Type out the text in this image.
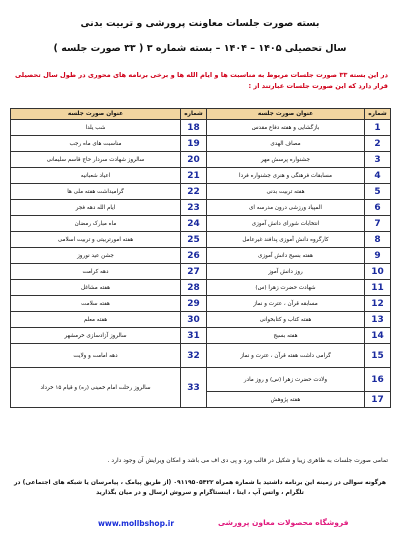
بسته صورت جلسات معاونت پرورشی و تربیت بدنی
سال تحصیلی ۱۴۰۵ – ۱۴۰۴ – بسته شماره ۳ ( ۳۳ صورت جلسه )
در این بسته ۳۳ صورت جلسات مربوط به مناسبت ها و ایام الله ها و برخی برنامه های محوری در طول سال تحصیلی قرار دارد که این صورت جلسات عبارتند از :
شماره	عنوان صورت جلسه	شماره	عنوان صورت جلسه
1	بازگشایی و هفته دفاع مقدس	18	شب یلدا
2	مصاف الهدی	19	مناسبت های ماه رجب
3	جشنواره پرسش مهر	20	سالروز شهادت سردار حاج قاسم سلیمانی
4	مسابقات فرهنگی و هنری جشنواره فردا	21	اعیاد شعبانیه
5	هفته تربیت بدنی	22	گرامیداشت هفته ملی ها
6	المپیاد ورزشی درون مدرسه ای	23	ایام الله دهه فجر
7	انتخابات شورای دانش آموزی	24	ماه مبارک رمضان
8	کارگروه دانش آموزی پدافند غیرعامل	25	هفته امورتربیتی و تربیت اسلامی
9	هفته بسیج دانش آموزی	26	جشن عید نوروز
10	روز دانش آموز	27	دهه کرامت
11	شهادت حضرت زهرا (س)	28	هفته مشاغل
12	مسابقه قرآن ، عترت و نماز	29	هفته سلامت
13	هفته کتاب و کتابخوانی	30	هفته معلم
14	هفته بسیج	31	سالروز آزادسازی خرمشهر
15	گرامی داشت هفته قرآن ، عترت و نماز	32	دهه امامت و ولایت
16	ولادت حضرت زهرا (س) و روز مادر	33	سالروز رحلت امام خمینی (ره) و قیام ۱۵ خرداد
17	هفته پژوهش		
تمامی صورت جلسات به ظاهری زیبا و شکیل در قالب ورد و پی دی اف می باشد و امکان ویرایش آن وجود دارد .
هرگونه سوالی در زمینه این برنامه داشتید با شماره همراه ۰۹۱۱۹۵۰۵۴۲۲ (از طریق پیامک ، پیامرسان یا شبکه های اجتماعی) در تلگرام ، واتس آپ ، ایتا ، اینستاگرام و سروش ارسال و در میان بگذارید
www.mollbshop.ir	فروشگاه محصولات معاون پرورشی
